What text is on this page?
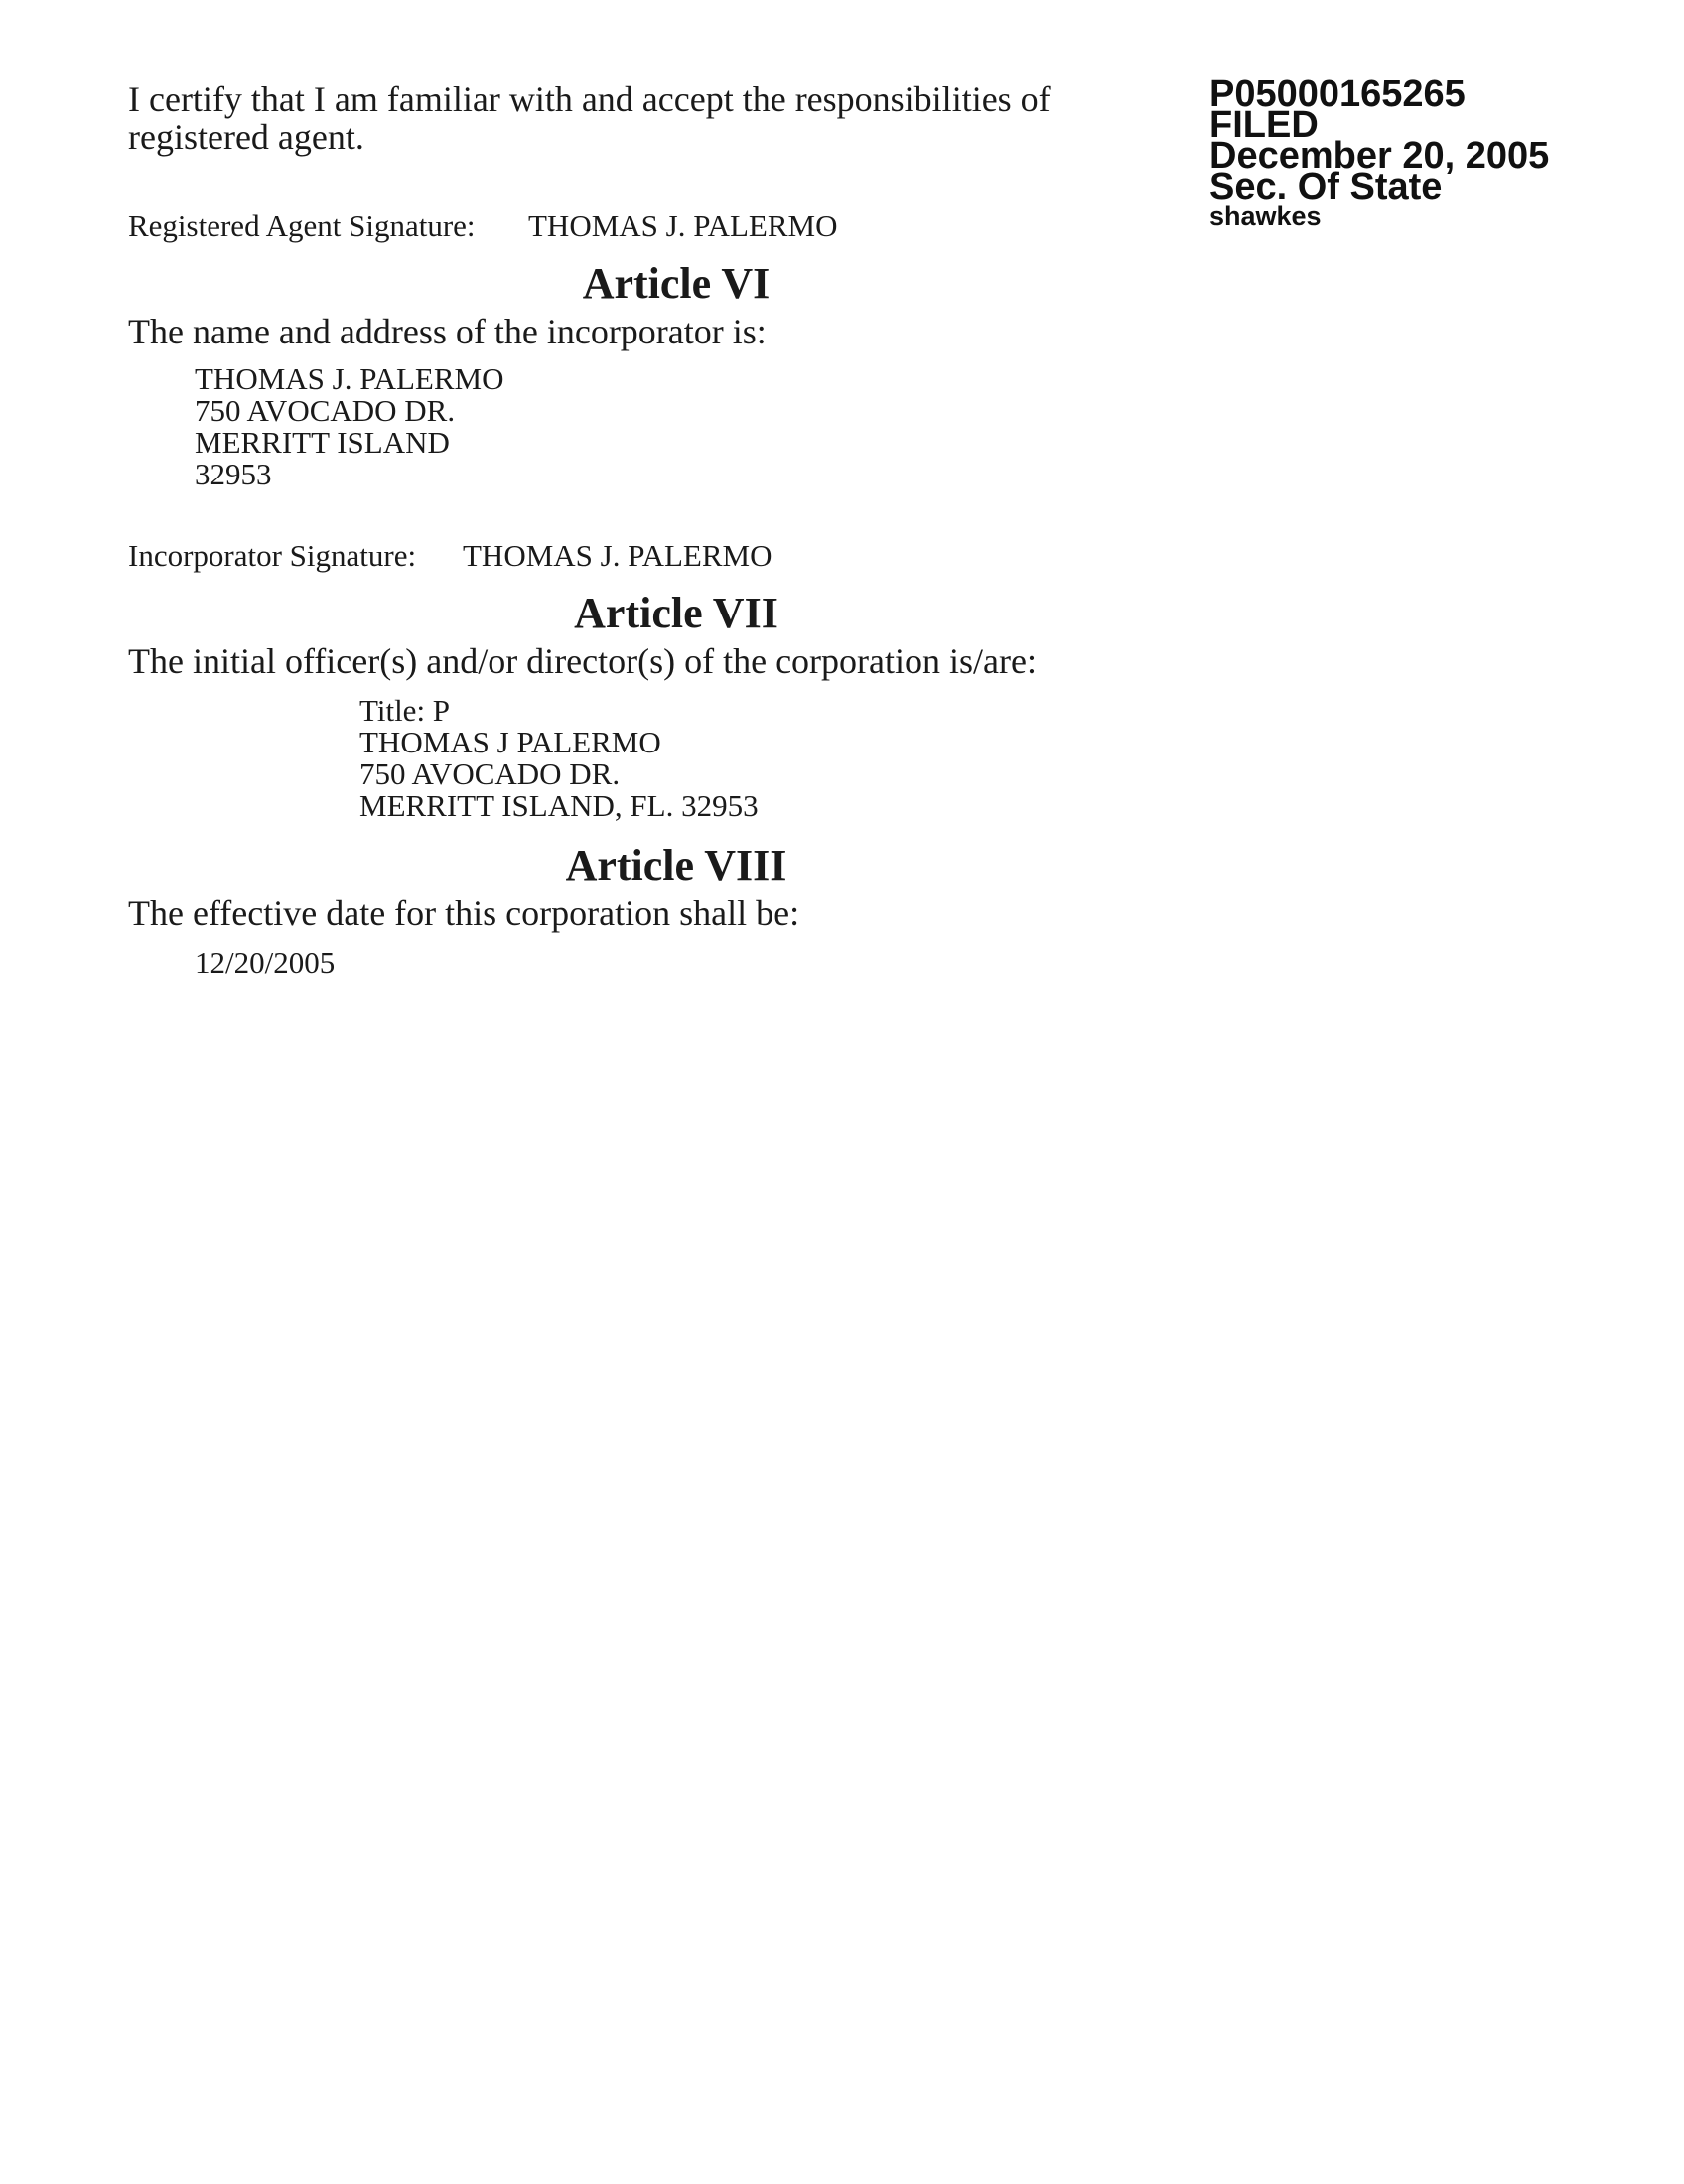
I certify that I am familiar with and accept the responsibilities of
registered agent.
Registered Agent Signature: THOMAS J. PALERMO
P05000165265
FILED
December 20, 2005
Sec. Of State
shawkes
Article VI
The name and address of the incorporator is:
THOMAS J. PALERMO
750 AVOCADO DR.
MERRITT ISLAND
32953
Incorporator Signature: THOMAS J. PALERMO
Article VII
The initial officer(s) and/or director(s) of the corporation is/are:
Title: P
THOMAS J PALERMO
750 AVOCADO DR.
MERRITT ISLAND, FL. 32953
Article VIII
The effective date for this corporation shall be:
12/20/2005
